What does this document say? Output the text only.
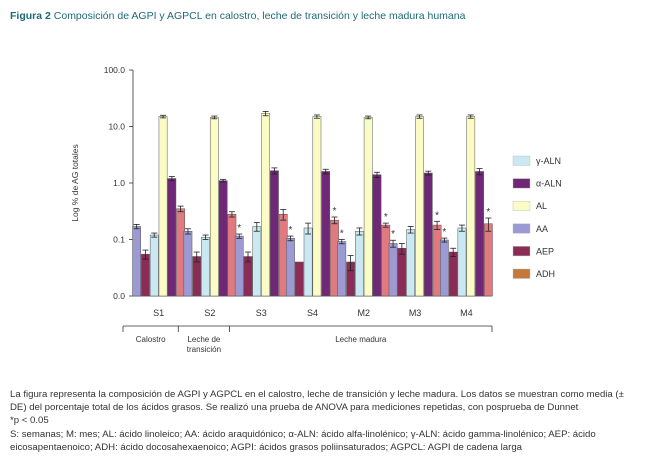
Figura 2 Composición de AGPI y AGPCL en calostro, leche de transición y leche madura humana
100.0
10.0
1.0
0.1
0.0
Log % de AG totales
S1	S2
*
S3
*
*
S4
*
*
M2
*
*
M3
*
*
M4
Calostro	Leche de
transición
Leche madura
γ-ALN
α-ALN
AL
AA
AEP
ADH

La figura representa la composición de AGPI y AGPCL en el calostro, leche de transición y leche madura. Los datos se muestran como media (± DE) del porcentaje total de los ácidos grasos. Se realizó una prueba de ANOVA para mediciones repetidas, con posprueba de Dunnet

*p < 0.05

S: semanas; M: mes; AL: ácido linoleico; AA: ácido araquidónico; α-ALN: ácido alfa-linolénico; γ-ALN: ácido gamma-linolénico; AEP: ácido eicosapentaenoico; ADH: ácido docosahexaenoico; AGPI: ácidos grasos poliinsaturados; AGPCL: AGPI de cadena larga
